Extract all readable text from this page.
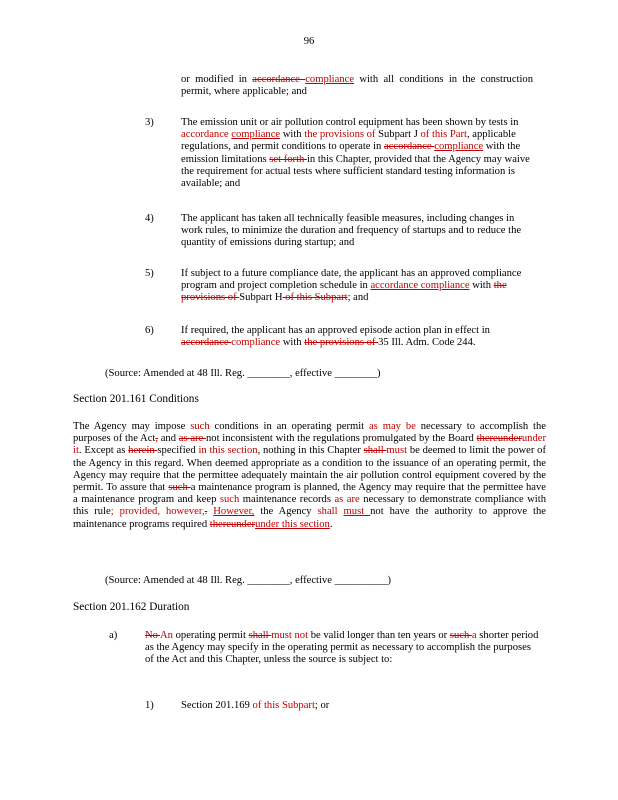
96
or modified in accordance compliance with all conditions in the construction permit, where applicable; and
3)	The emission unit or air pollution control equipment has been shown by tests in accordance compliance with the provisions of Subpart J of this Part, applicable regulations, and permit conditions to operate in accordance compliance with the emission limitations set forth in this Chapter, provided that the Agency may waive the requirement for actual tests where sufficient standard testing information is available; and
4)	The applicant has taken all technically feasible measures, including changes in work rules, to minimize the duration and frequency of startups and to reduce the quantity of emissions during startup; and
5)	If subject to a future compliance date, the applicant has an approved compliance program and project completion schedule in accordance compliance with the provisions of Subpart H of this Subpart; and
6)	If required, the applicant has an approved episode action plan in effect in accordance compliance with the provisions of 35 Ill. Adm. Code 244.
(Source: Amended at 48 Ill. Reg. ________, effective ________)
Section 201.161 Conditions
The Agency may impose such conditions in an operating permit as may be necessary to accomplish the purposes of the Act, and as are not inconsistent with the regulations promulgated by the Board thereunderunder it. Except as herein specified in this section, nothing in this Chapter shall must be deemed to limit the power of the Agency in this regard. When deemed appropriate as a condition to the issuance of an operating permit, the Agency may require that the permittee adequately maintain the air pollution control equipment covered by the permit. To assure that such a maintenance program is planned, the Agency may require that the permittee have a maintenance program and keep such maintenance records as are necessary to demonstrate compliance with this rule; provided, however,. However, the Agency shall must not have the authority to approve the maintenance programs required thereunderunder this section.
(Source: Amended at 48 Ill. Reg. ________, effective __________)
Section 201.162 Duration
a)	No An operating permit shall must not be valid longer than ten years or such a shorter period as the Agency may specify in the operating permit as necessary to accomplish the purposes of the Act and this Chapter, unless the source is subject to:
1)	Section 201.169 of this Subpart; or
